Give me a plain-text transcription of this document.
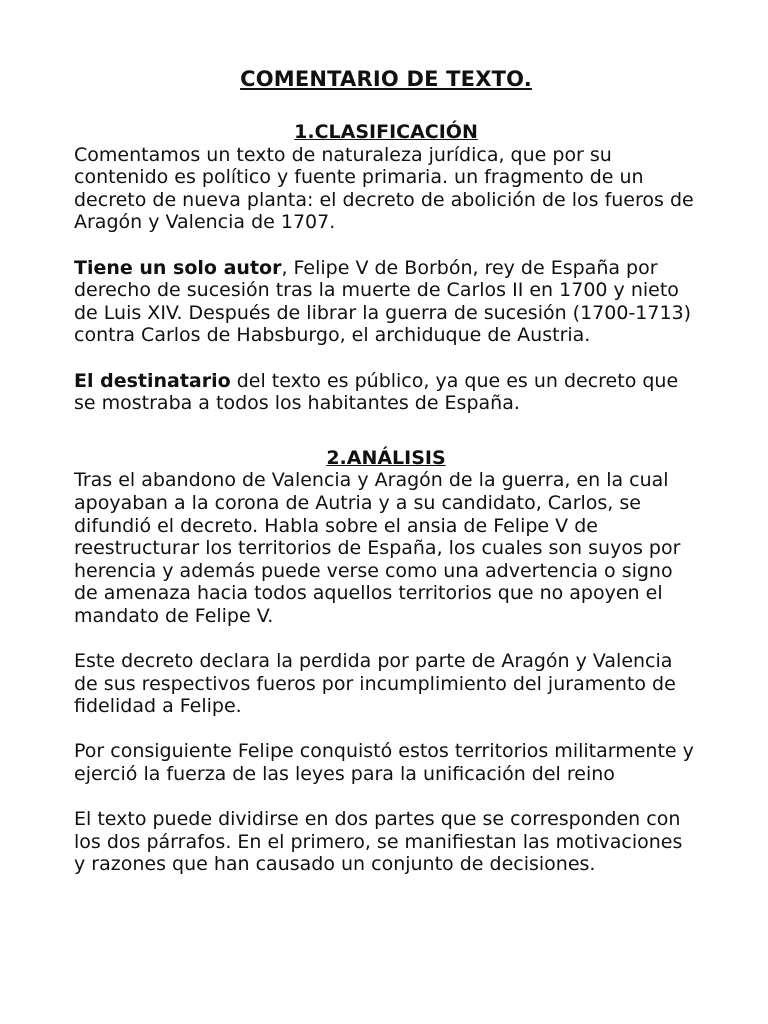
COMENTARIO DE TEXTO.
1.CLASIFICACIÓN

Comentamos un texto de naturaleza jurídica, que por su contenido es político y fuente primaria. un fragmento de un decreto de nueva planta: el decreto de abolición de los fueros de Aragón y Valencia de 1707.

Tiene un solo autor, Felipe V de Borbón, rey de España por derecho de sucesión tras la muerte de Carlos II en 1700 y nieto de Luis XIV. Después de librar la guerra de sucesión (1700-1713) contra Carlos de Habsburgo, el archiduque de Austria.

El destinatario del texto es público, ya que es un decreto que se mostraba a todos los habitantes de España.

2.ANÁLISIS

Tras el abandono de Valencia y Aragón de la guerra, en la cual apoyaban a la corona de Autria y a su candidato, Carlos, se difundió el decreto. Habla sobre el ansia de Felipe V de reestructurar los territorios de España, los cuales son suyos por herencia y además puede verse como una advertencia o signo de amenaza hacia todos aquellos territorios que no apoyen el mandato de Felipe V.

Este decreto declara la perdida por parte de Aragón y Valencia de sus respectivos fueros por incumplimiento del juramento de fidelidad a Felipe.

Por consiguiente Felipe conquistó estos territorios militarmente y ejerció la fuerza de las leyes para la unificación del reino

El texto puede dividirse en dos partes que se corresponden con los dos párrafos. En el primero, se manifiestan las motivaciones y razones que han causado un conjunto de decisiones.
